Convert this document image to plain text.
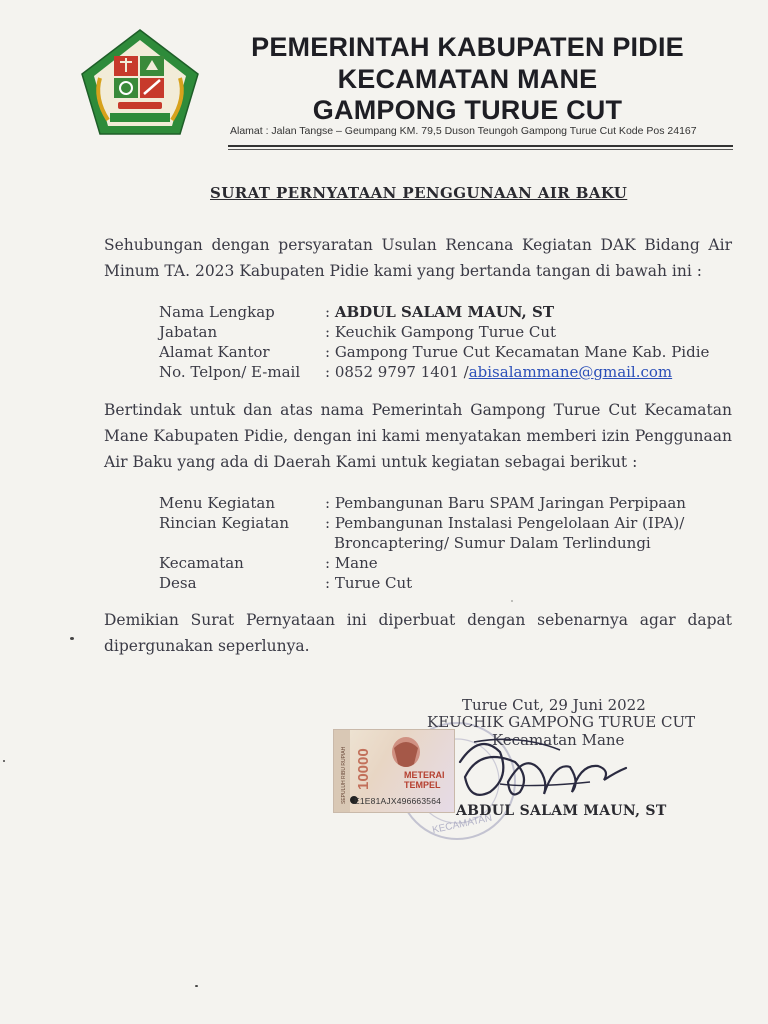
PEMERINTAH KABUPATEN PIDIE
KECAMATAN MANE
GAMPONG TURUE CUT
Alamat : Jalan Tangse – Geumpang KM. 79,5 Duson Teungoh Gampong Turue Cut Kode Pos 24167
SURAT PERNYATAAN PENGGUNAAN AIR BAKU
Sehubungan dengan persyaratan Usulan Rencana Kegiatan DAK Bidang Air
Minum TA. 2023 Kabupaten Pidie kami yang bertanda tangan di bawah ini :
Nama Lengkap	: ABDUL SALAM MAUN, ST
Jabatan	: Keuchik Gampong Turue Cut
Alamat Kantor	: Gampong Turue Cut Kecamatan Mane Kab. Pidie
No. Telpon/ E-mail : 0852 9797 1401 /abisalammane@gmail.com
Bertindak untuk dan atas nama Pemerintah Gampong Turue Cut Kecamatan
Mane Kabupaten Pidie, dengan ini kami menyatakan memberi izin Penggunaan
Air Baku yang ada di Daerah Kami untuk kegiatan sebagai berikut :
Menu Kegiatan	: Pembangunan Baru SPAM Jaringan Perpipaan
Rincian Kegiatan : Pembangunan Instalasi Pengelolaan Air (IPA)/
Broncaptering/ Sumur Dalam Terlindungi
Kecamatan	: Mane
Desa	: Turue Cut
Demikian Surat Pernyataan ini diperbuat dengan sebenarnya agar dapat
dipergunakan seperlunya.
KECAMATAN
SEPULUH RIBU RUPIAH 10000	METERAI
TEMPEL
E1E81AJX496663564
Turue Cut, 29 Juni 2022
KEUCHIK GAMPONG TURUE CUT
Kecamatan Mane
ABDUL SALAM MAUN, ST
